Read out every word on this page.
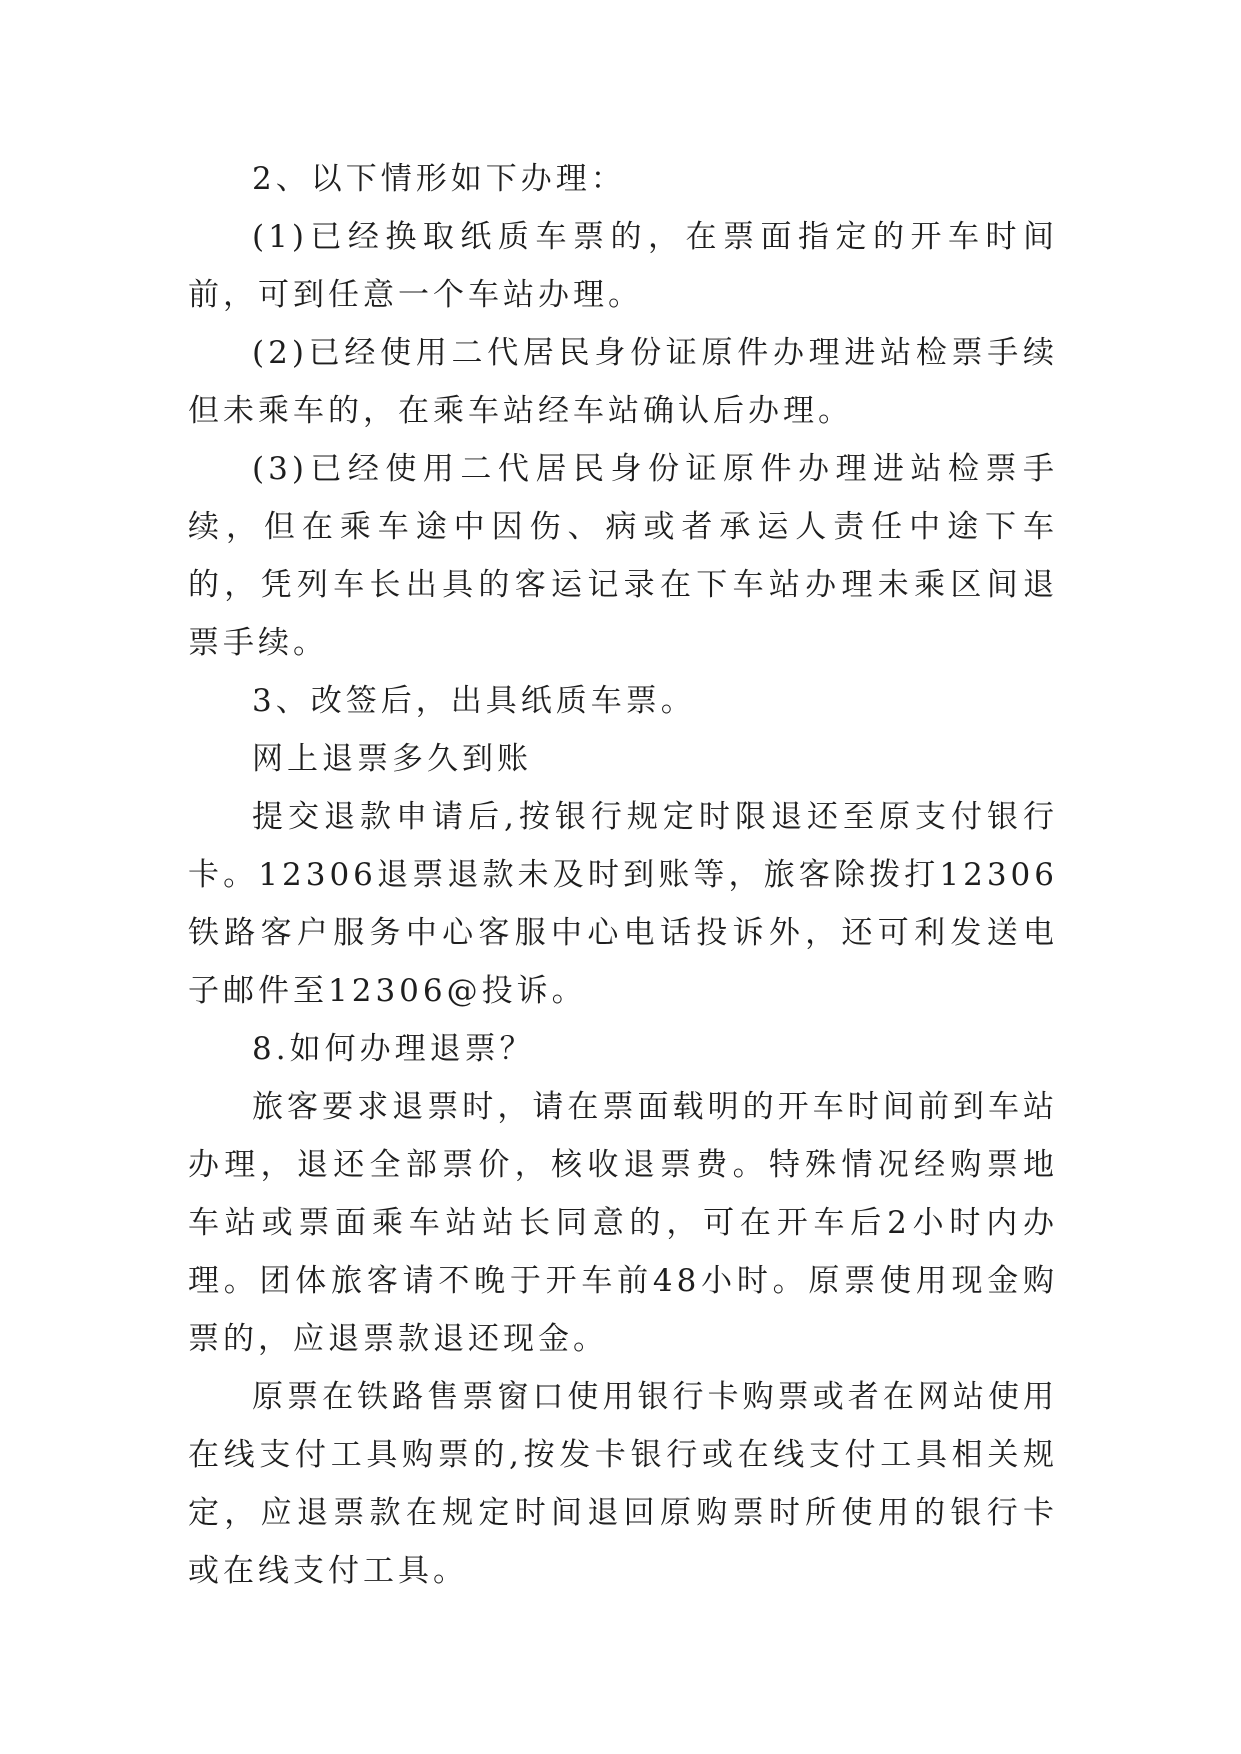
2、以下情形如下办理：

(1)已经换取纸质车票的，在票面指定的开车时间前，可到任意一个车站办理。

(2)已经使用二代居民身份证原件办理进站检票手续但未乘车的，在乘车站经车站确认后办理。

(3)已经使用二代居民身份证原件办理进站检票手续，但在乘车途中因伤、病或者承运人责任中途下车的，凭列车长出具的客运记录在下车站办理未乘区间退票手续。

3、改签后，出具纸质车票。

网上退票多久到账

提交退款申请后,按银行规定时限退还至原支付银行卡。12306退票退款未及时到账等，旅客除拨打12306铁路客户服务中心客服中心电话投诉外，还可利发送电子邮件至12306@投诉。

8.如何办理退票？

旅客要求退票时，请在票面载明的开车时间前到车站办理，退还全部票价，核收退票费。特殊情况经购票地车站或票面乘车站站长同意的，可在开车后2小时内办理。团体旅客请不晚于开车前48小时。原票使用现金购票的，应退票款退还现金。

原票在铁路售票窗口使用银行卡购票或者在网站使用在线支付工具购票的,按发卡银行或在线支付工具相关规定，应退票款在规定时间退回原购票时所使用的银行卡或在线支付工具。
